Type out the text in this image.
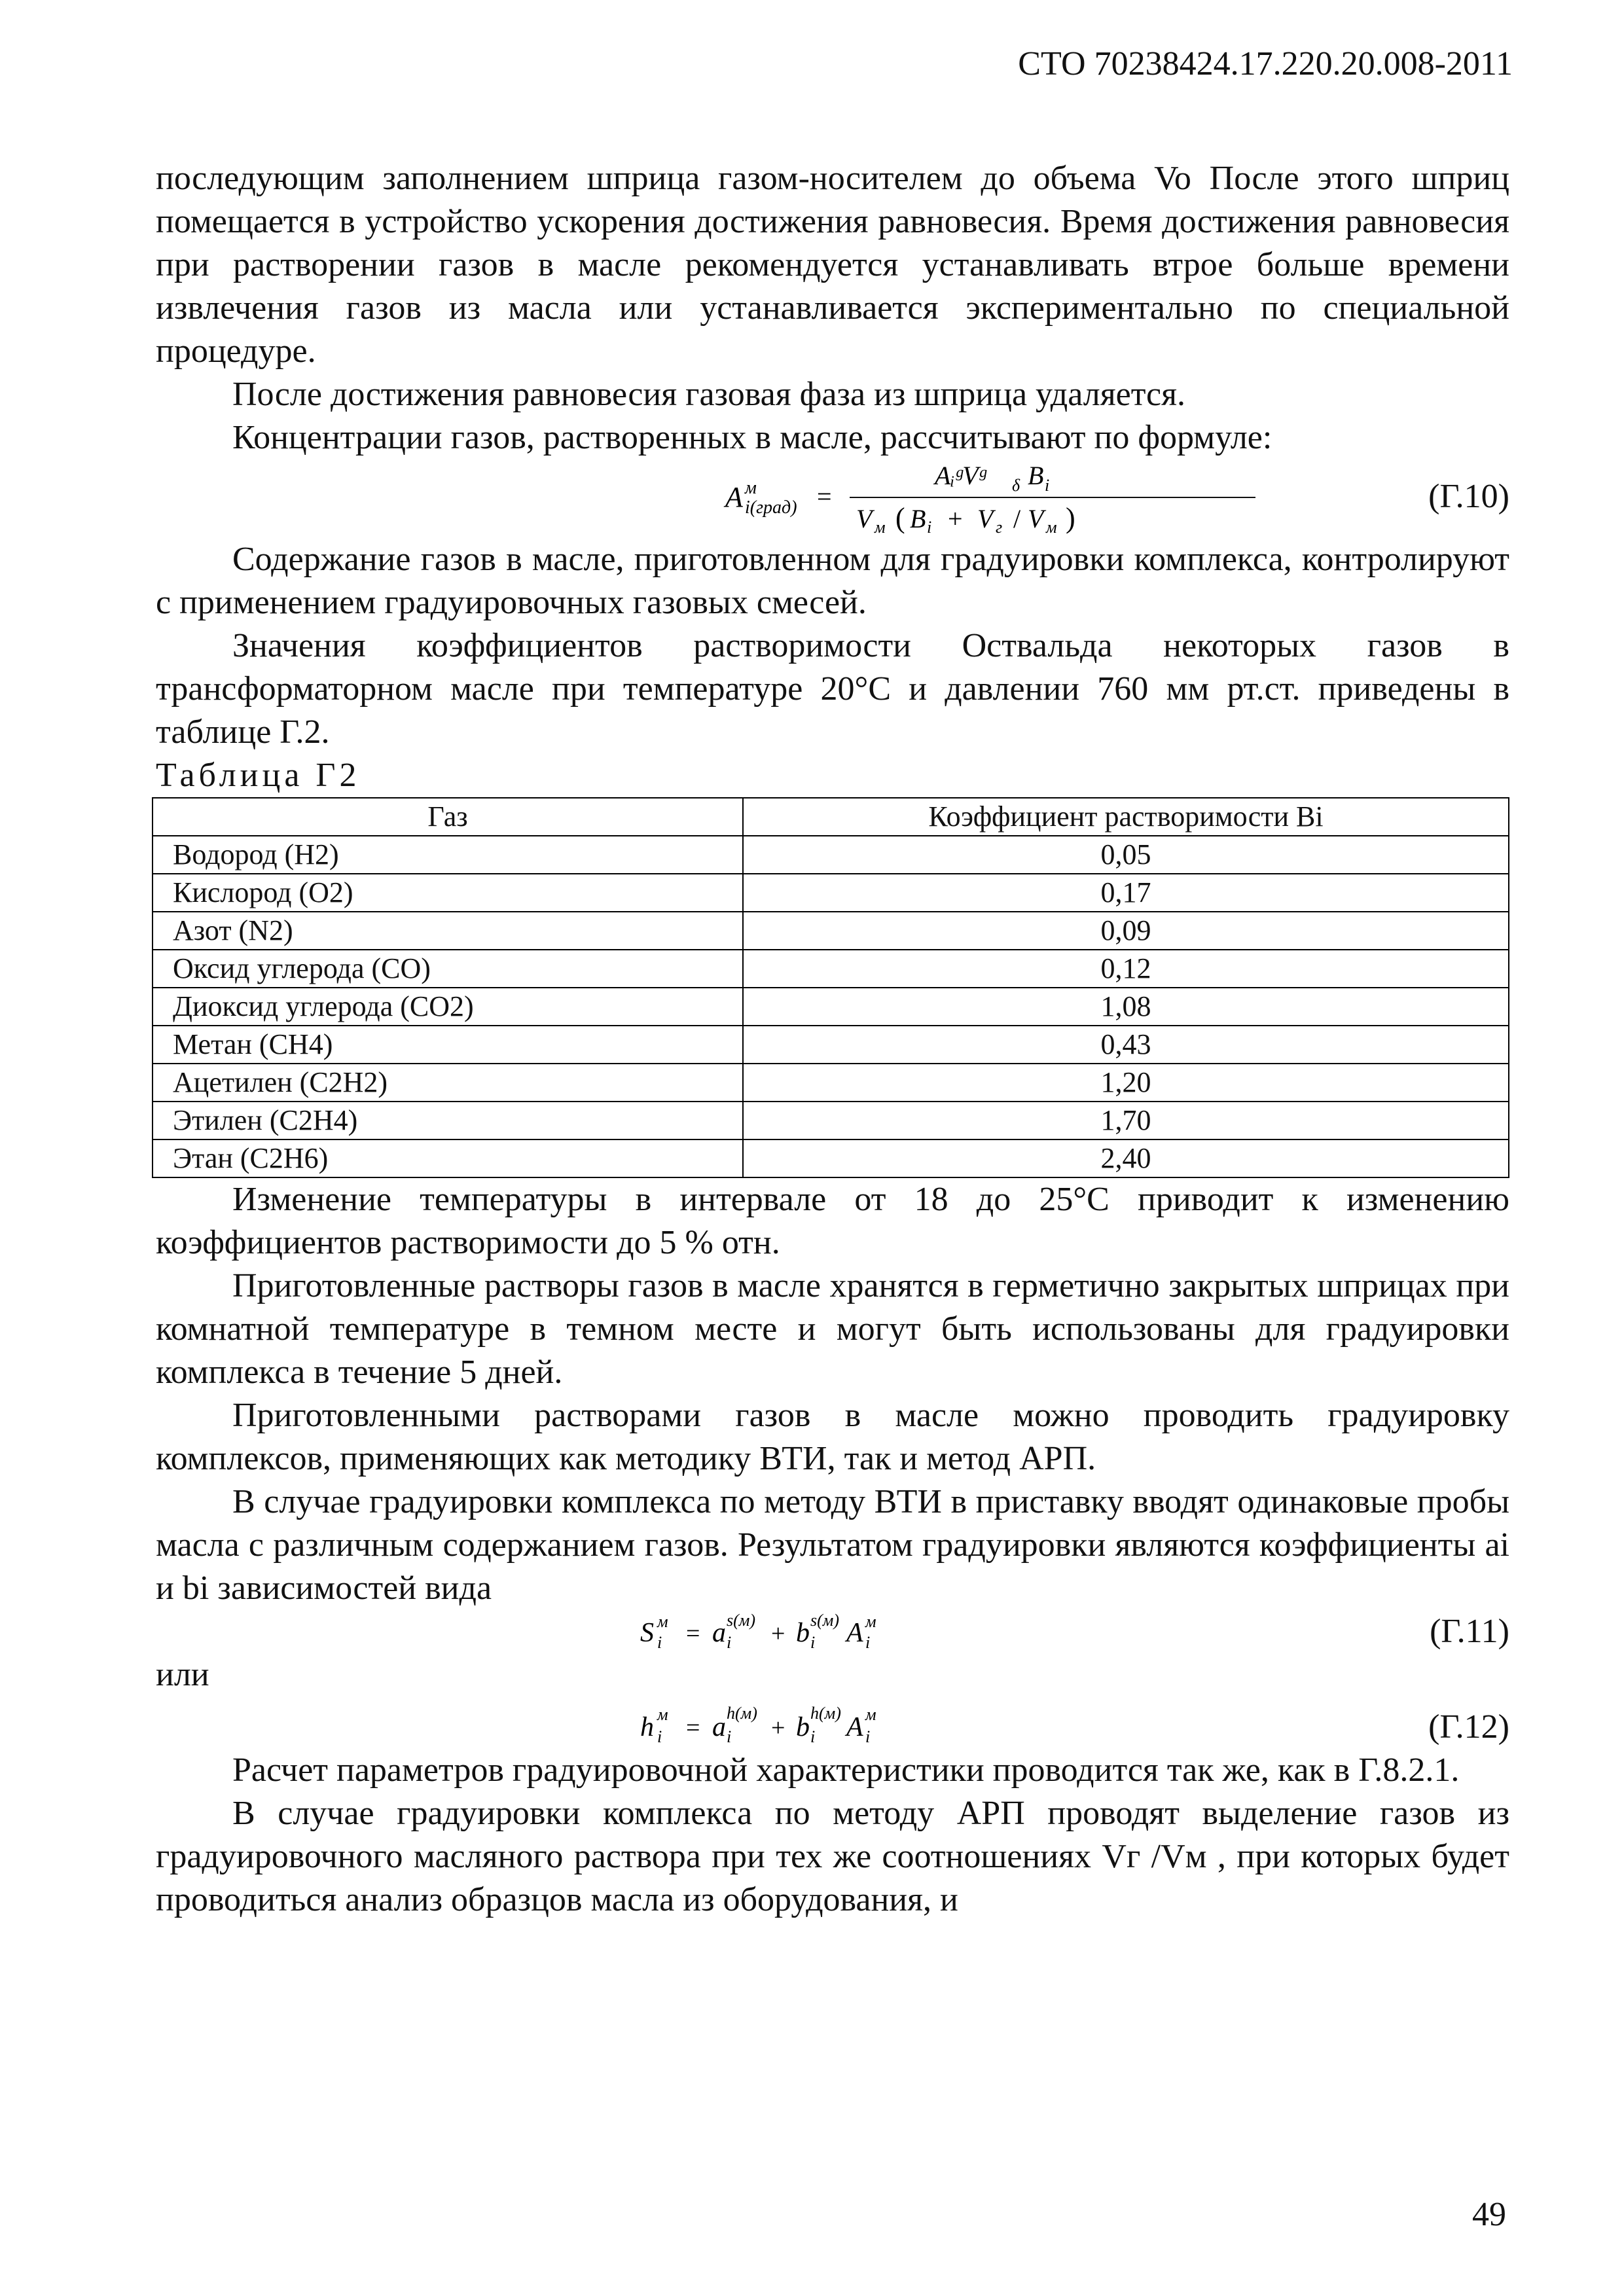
СТО 70238424.17.220.20.008-2011

последующим заполнением шприца газом-носителем до объема Vo После этого шприц помещается в устройство ускорения достижения равновесия. Время достижения равновесия при растворении газов в масле рекомендуется устанавливать втрое больше времени извлечения газов из масла или устанавливается экспериментально по специальной процедуре.

После достижения равновесия газовая фаза из шприца удаляется.

Концентрации газов, растворенных в масле, рассчитывают по формуле:

A м
i(град) =
AᵢᵍVᵍ δ B i
V м ( B i + V г / V м )
(Г.10)

Содержание газов в масле, приготовленном для градуировки комплекса, контролируют с применением градуировочных газовых смесей.

Значения коэффициентов растворимости Оствальда некоторых газов в трансформаторном масле при температуре 20°С и давлении 760 мм рт.ст. приведены в таблице Г.2.

Таблица Г2

Газ	Коэффициент растворимости Bi
Водород (H2)	0,05
Кислород (O2)	0,17
Азот (N2)	0,09
Оксид углерода (CO)	0,12
Диоксид углерода (CO2)	1,08
Метан (CH4)	0,43
Ацетилен (C2H2)	1,20
Этилен (C2H4)	1,70
Этан (C2H6)	2,40

Изменение температуры в интервале от 18 до 25°С приводит к изменению коэффициентов растворимости до 5 % отн.

Приготовленные растворы газов в масле хранятся в герметично закрытых шприцах при комнатной температуре в темном месте и могут быть использованы для градуировки комплекса в течение 5 дней.

Приготовленными растворами газов в масле можно проводить градуировку комплексов, применяющих как методику ВТИ, так и метод АРП.

В случае градуировки комплекса по методу ВТИ в приставку вводят одинаковые пробы масла с различным содержанием газов. Результатом градуировки являются коэффициенты ai и bi зависимостей вида

S м
i = a s(м)
i + b s(м)
i A м
i	(Г.11)

или

h м
i = a h(м)
i + b h(м)
i A м
i	(Г.12)

Расчет параметров градуировочной характеристики проводится так же, как в Г.8.2.1.

В случае градуировки комплекса по методу АРП проводят выделение газов из градуировочного масляного раствора при тех же соотношениях Vг /Vм , при которых будет проводиться анализ образцов масла из оборудования, и

49
